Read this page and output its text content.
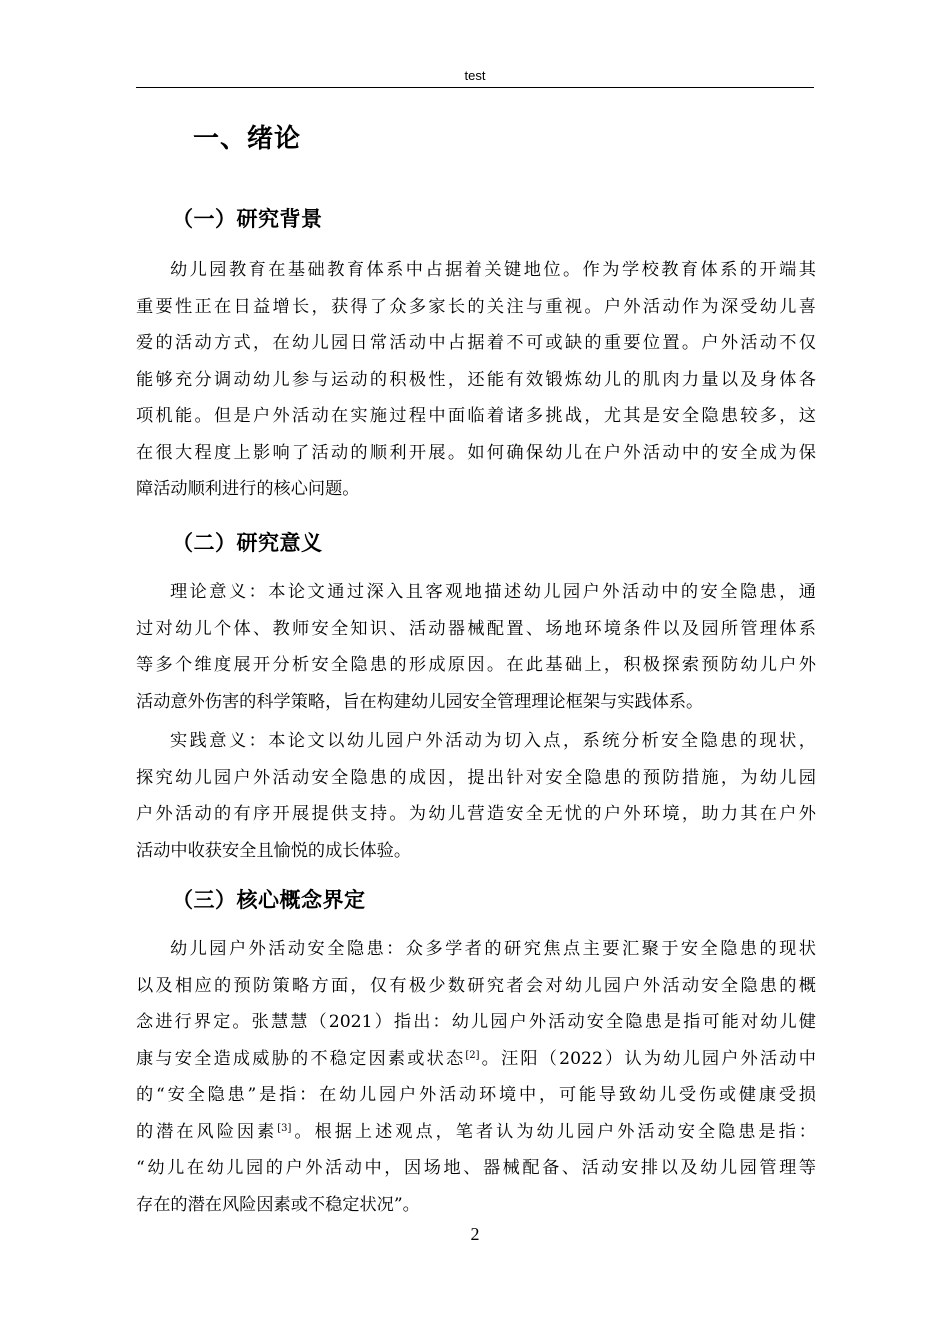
test
一、绪论
（一）研究背景
幼儿园教育在基础教育体系中占据着关键地位。作为学校教育体系的开端其
重要性正在日益增长，获得了众多家长的关注与重视。户外活动作为深受幼儿喜
爱的活动方式，在幼儿园日常活动中占据着不可或缺的重要位置。户外活动不仅
能够充分调动幼儿参与运动的积极性，还能有效锻炼幼儿的肌肉力量以及身体各
项机能。但是户外活动在实施过程中面临着诸多挑战，尤其是安全隐患较多，这
在很大程度上影响了活动的顺利开展。如何确保幼儿在户外活动中的安全成为保
障活动顺利进行的核心问题。
（二）研究意义
理论意义：本论文通过深入且客观地描述幼儿园户外活动中的安全隐患，通
过对幼儿个体、教师安全知识、活动器械配置、场地环境条件以及园所管理体系
等多个维度展开分析安全隐患的形成原因。在此基础上，积极探索预防幼儿户外
活动意外伤害的科学策略，旨在构建幼儿园安全管理理论框架与实践体系。
实践意义：本论文以幼儿园户外活动为切入点，系统分析安全隐患的现状，
探究幼儿园户外活动安全隐患的成因，提出针对安全隐患的预防措施，为幼儿园
户外活动的有序开展提供支持。为幼儿营造安全无忧的户外环境，助力其在户外
活动中收获安全且愉悦的成长体验。
（三）核心概念界定
幼儿园户外活动安全隐患：众多学者的研究焦点主要汇聚于安全隐患的现状
以及相应的预防策略方面，仅有极少数研究者会对幼儿园户外活动安全隐患的概
念进行界定。张慧慧（2021）指出：幼儿园户外活动安全隐患是指可能对幼儿健
康与安全造成威胁的不稳定因素或状态[2]。汪阳（2022）认为幼儿园户外活动中
的“安全隐患”是指：在幼儿园户外活动环境中，可能导致幼儿受伤或健康受损
的潜在风险因素[3]。根据上述观点，笔者认为幼儿园户外活动安全隐患是指：
“幼儿在幼儿园的户外活动中，因场地、器械配备、活动安排以及幼儿园管理等
存在的潜在风险因素或不稳定状况”。
2
